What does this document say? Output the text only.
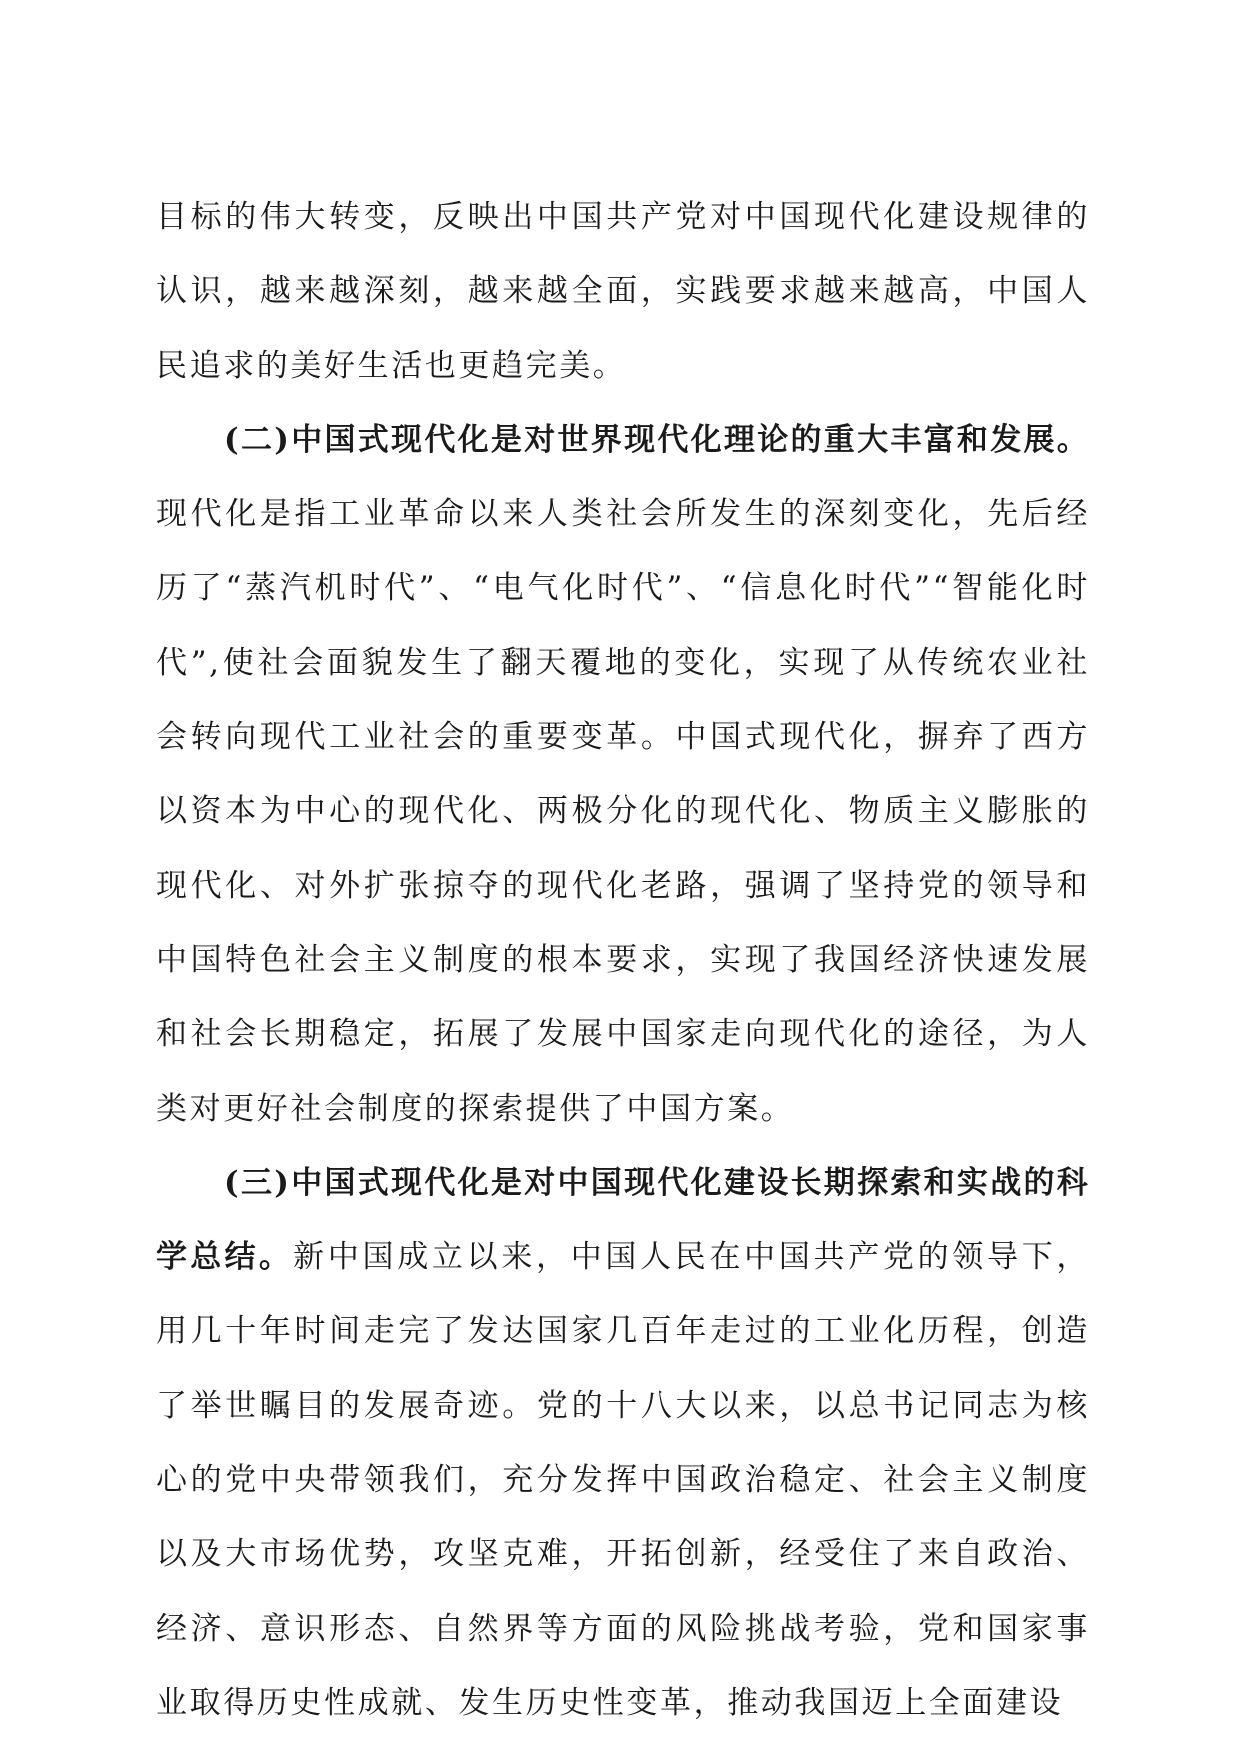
目标的伟大转变，反映出中国共产党对中国现代化建设规律的认识，越来越深刻，越来越全面，实践要求越来越高，中国人民追求的美好生活也更趋完美。

(二)中国式现代化是对世界现代化理论的重大丰富和发展。现代化是指工业革命以来人类社会所发生的深刻变化，先后经历了“蒸汽机时代”、“电气化时代”、“信息化时代”“智能化时代”,使社会面貌发生了翻天覆地的变化，实现了从传统农业社会转向现代工业社会的重要变革。中国式现代化，摒弃了西方以资本为中心的现代化、两极分化的现代化、物质主义膨胀的现代化、对外扩张掠夺的现代化老路，强调了坚持党的领导和中国特色社会主义制度的根本要求，实现了我国经济快速发展和社会长期稳定，拓展了发展中国家走向现代化的途径，为人类对更好社会制度的探索提供了中国方案。

(三)中国式现代化是对中国现代化建设长期探索和实战的科学总结。新中国成立以来，中国人民在中国共产党的领导下，用几十年时间走完了发达国家几百年走过的工业化历程，创造了举世瞩目的发展奇迹。党的十八大以来，以总书记同志为核心的党中央带领我们，充分发挥中国政治稳定、社会主义制度以及大市场优势，攻坚克难，开拓创新，经受住了来自政治、经济、意识形态、自然界等方面的风险挑战考验，党和国家事业取得历史性成就、发生历史性变革，推动我国迈上全面建设
